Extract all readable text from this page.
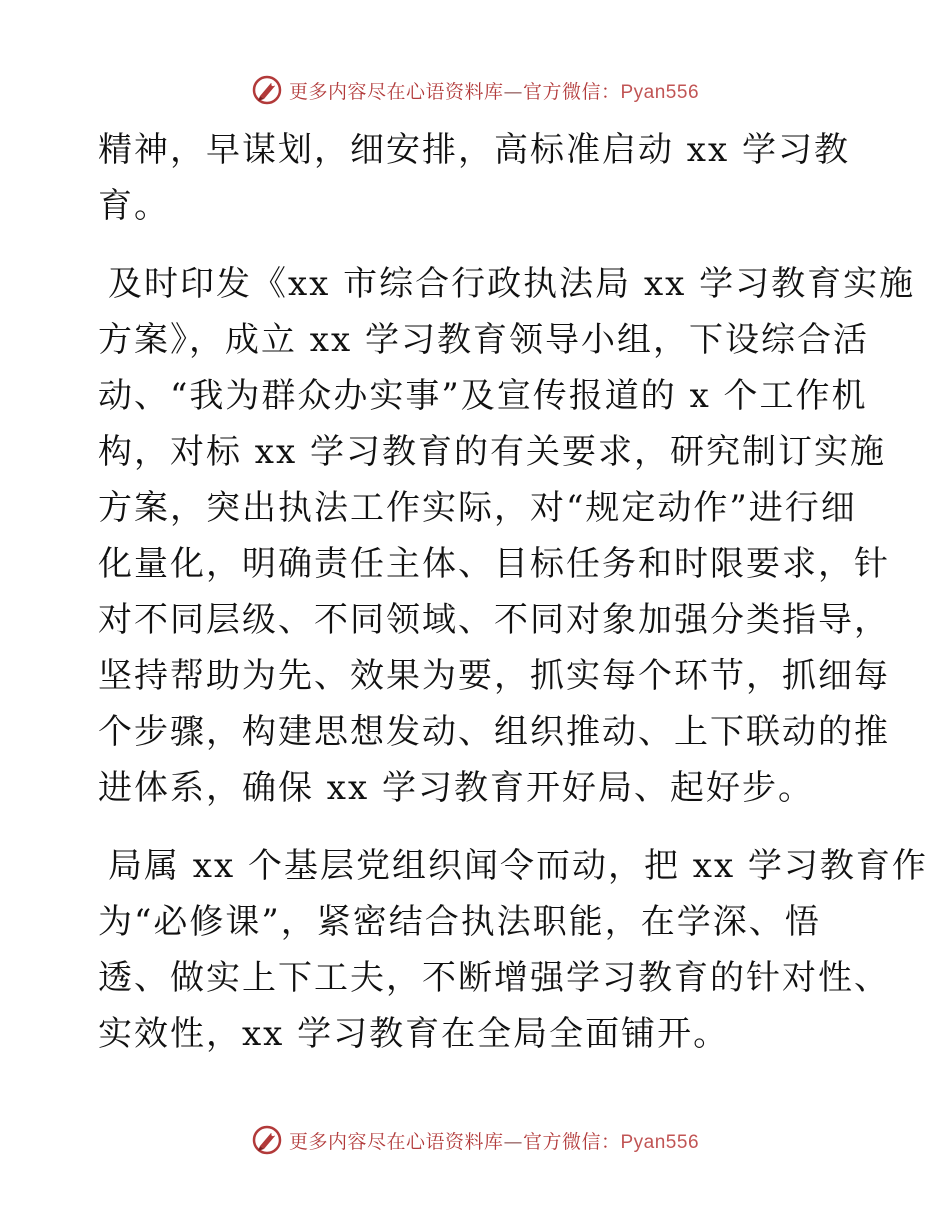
更多内容尽在心语资料库—官方微信：Pyan556
精神，早谋划，细安排，高标准启动 xx 学习教
育。
及时印发《xx 市综合行政执法局 xx 学习教育实施
方案》，成立 xx 学习教育领导小组，下设综合活
动、“我为群众办实事”及宣传报道的 x 个工作机
构，对标 xx 学习教育的有关要求，研究制订实施
方案，突出执法工作实际，对“规定动作”进行细
化量化，明确责任主体、目标任务和时限要求，针
对不同层级、不同领域、不同对象加强分类指导，
坚持帮助为先、效果为要，抓实每个环节，抓细每
个步骤，构建思想发动、组织推动、上下联动的推
进体系，确保 xx 学习教育开好局、起好步。
局属 xx 个基层党组织闻令而动，把 xx 学习教育作
为“必修课”，紧密结合执法职能，在学深、悟
透、做实上下工夫，不断增强学习教育的针对性、
实效性，xx 学习教育在全局全面铺开。
更多内容尽在心语资料库—官方微信：Pyan556
